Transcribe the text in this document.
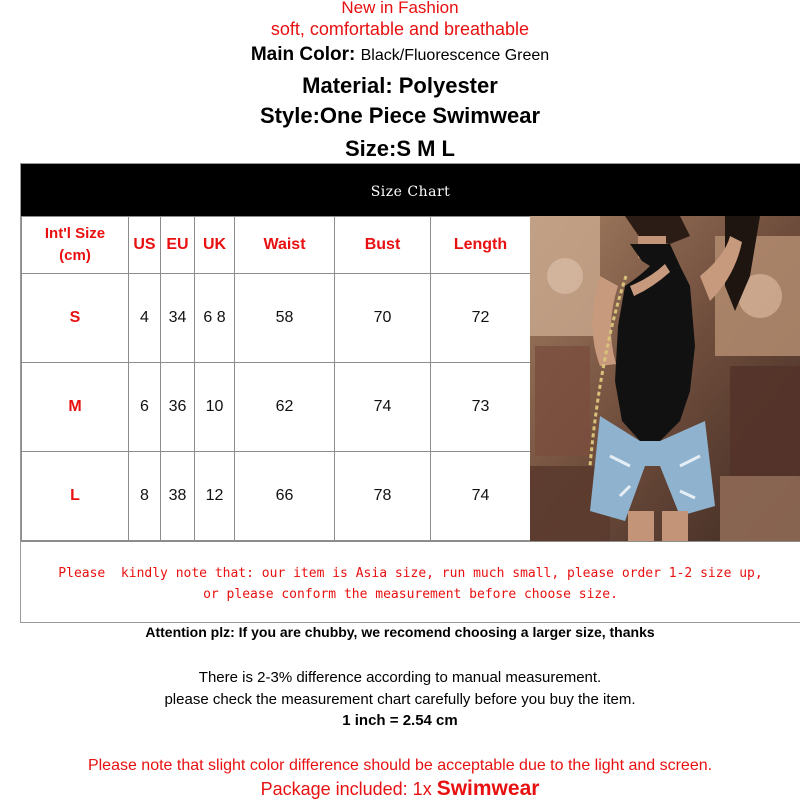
New in Fashion
soft, comfortable and breathable
Main Color: Black/Fluorescence Green
Material: Polyester
Style:One Piece Swimwear
Size:S M L
Size Chart
Int'l Size (cm)	US	EU	UK	Waist	Bust	Length
S	4	34	6 8	58	70	72
M	6	36	10	62	74	73
L	8	38	12	66	78	74
Please  kindly note that: our item is Asia size, run much small, please order 1-2 size up,
or please conform the measurement before choose size.
Attention plz: If you are chubby, we recomend choosing a larger size, thanks
There is 2-3% difference according to manual measurement.
please check the measurement chart carefully before you buy the item.
1 inch = 2.54 cm
Please note that slight color difference should be acceptable due to the light and screen.
Package included: 1x Swimwear
